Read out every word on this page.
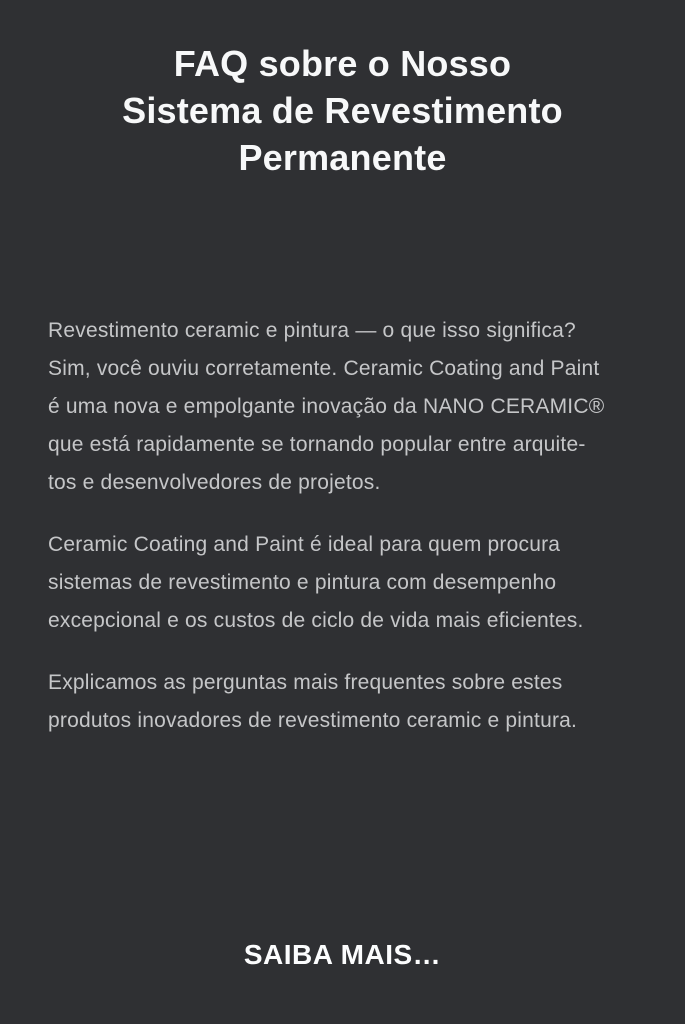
FAQ sobre o Nosso
Sistema de Revestimento
Permanente

Revestimento ceramic e pintura — o que isso significa?
Sim, você ouviu corretamente. Ceramic Coating and Paint
é uma nova e empolgante inovação da NANO CERAMIC®
que está rapidamente se tornando popular entre arquite-
tos e desenvolvedores de projetos.

Ceramic Coating and Paint é ideal para quem procura
sistemas de revestimento e pintura com desempenho
excepcional e os custos de ciclo de vida mais eficientes.

Explicamos as perguntas mais frequentes sobre estes
produtos inovadores de revestimento ceramic e pintura.

SAIBA MAIS…
